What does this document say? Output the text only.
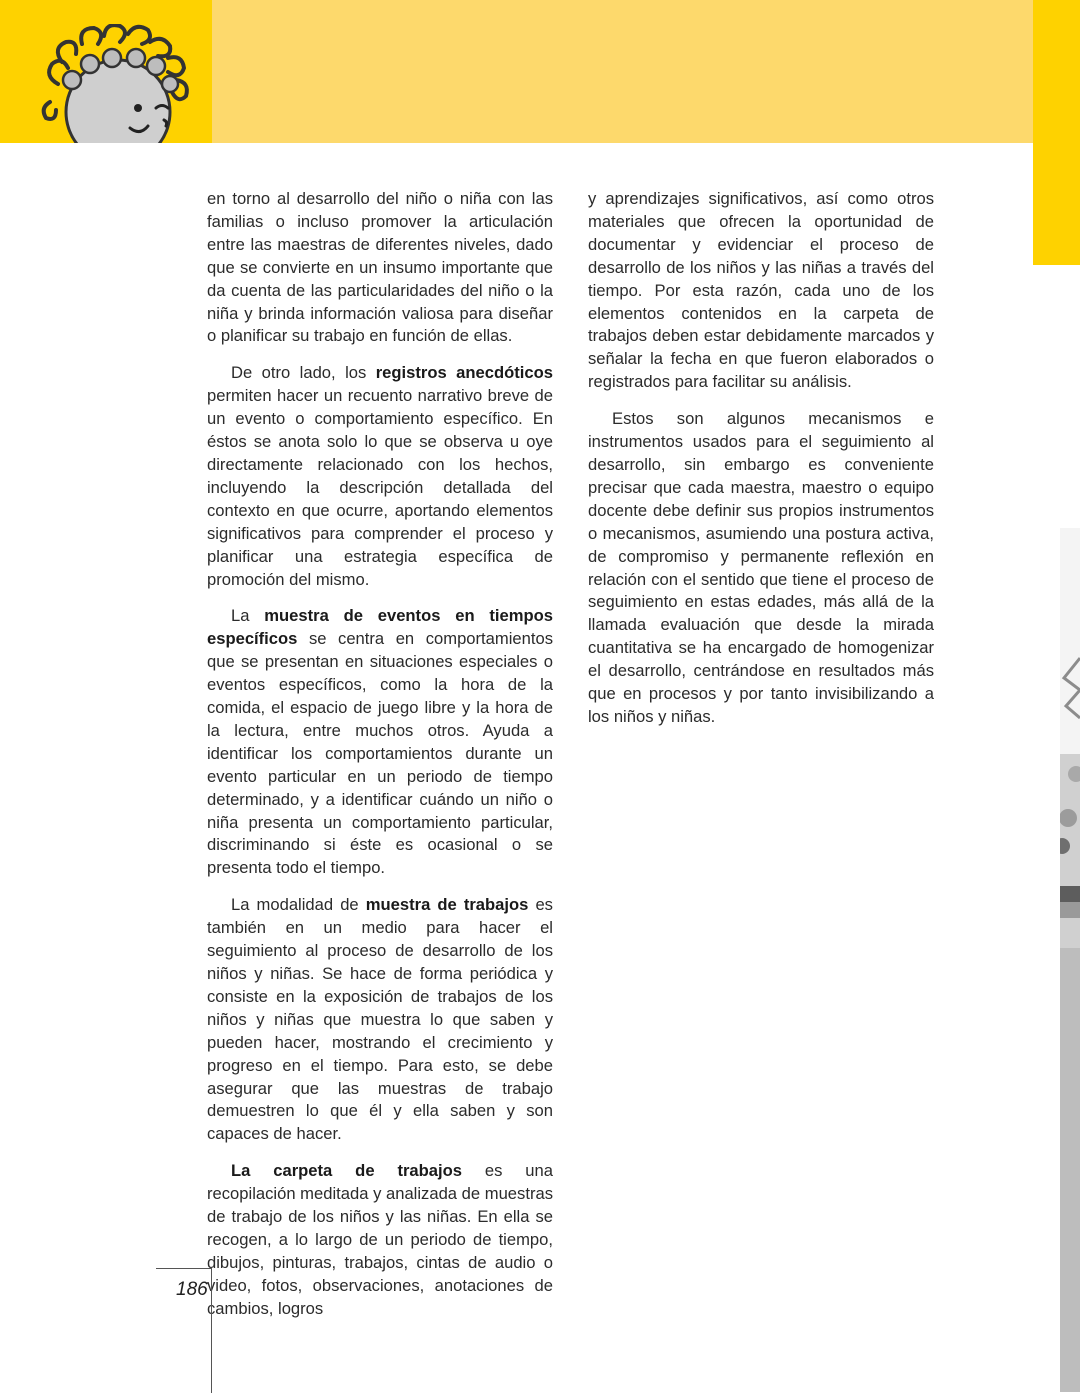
en torno al desarrollo del niño o niña con las familias o incluso promover la articulación entre las maestras de diferentes niveles, dado que se convierte en un insumo importante que da cuenta de las particularidades del niño o la niña y brinda información valiosa para diseñar o planificar su trabajo en función de ellas.

De otro lado, los registros anecdóticos permiten hacer un recuento narrativo breve de un evento o comportamiento específico. En éstos se anota solo lo que se observa u oye directamente relacionado con los hechos, incluyendo la descripción detallada del contexto en que ocurre, aportando elementos significativos para comprender el proceso y planificar una estrategia específica de promoción del mismo.

La muestra de eventos en tiempos específicos se centra en comportamientos que se presentan en situaciones especiales o eventos específicos, como la hora de la comida, el espacio de juego libre y la hora de la lectura, entre muchos otros. Ayuda a identificar los comportamientos durante un evento particular en un periodo de tiempo determinado, y a identificar cuándo un niño o niña presenta un comportamiento particular, discriminando si éste es ocasional o se presenta todo el tiempo.

La modalidad de muestra de trabajos es también en un medio para hacer el seguimiento al proceso de desarrollo de los niños y niñas. Se hace de forma periódica y consiste en la exposición de trabajos de los niños y niñas que muestra lo que saben y pueden hacer, mostrando el crecimiento y progreso en el tiempo. Para esto, se debe asegurar que las muestras de trabajo demuestren lo que él y ella saben y son capaces de hacer.

La carpeta de trabajos es una recopilación meditada y analizada de muestras de trabajo de los niños y las niñas. En ella se recogen, a lo largo de un periodo de tiempo, dibujos, pinturas, trabajos, cintas de audio o video, fotos, observaciones, anotaciones de cambios, logros

y aprendizajes significativos, así como otros materiales que ofrecen la oportunidad de documentar y evidenciar el proceso de desarrollo de los niños y las niñas a través del tiempo. Por esta razón, cada uno de los elementos contenidos en la carpeta de trabajos deben estar debidamente marcados y señalar la fecha en que fueron elaborados o registrados para facilitar su análisis.

Estos son algunos mecanismos e instrumentos usados para el seguimiento al desarrollo, sin embargo es conveniente precisar que cada maestra, maestro o equipo docente debe definir sus propios instrumentos o mecanismos, asumiendo una postura activa, de compromiso y permanente reflexión en relación con el sentido que tiene el proceso de seguimiento en estas edades, más allá de la llamada evaluación que desde la mirada cuantitativa se ha encargado de homogenizar el desarrollo, centrándose en resultados más que en procesos y por tanto invisibilizando a los niños y niñas.

186
